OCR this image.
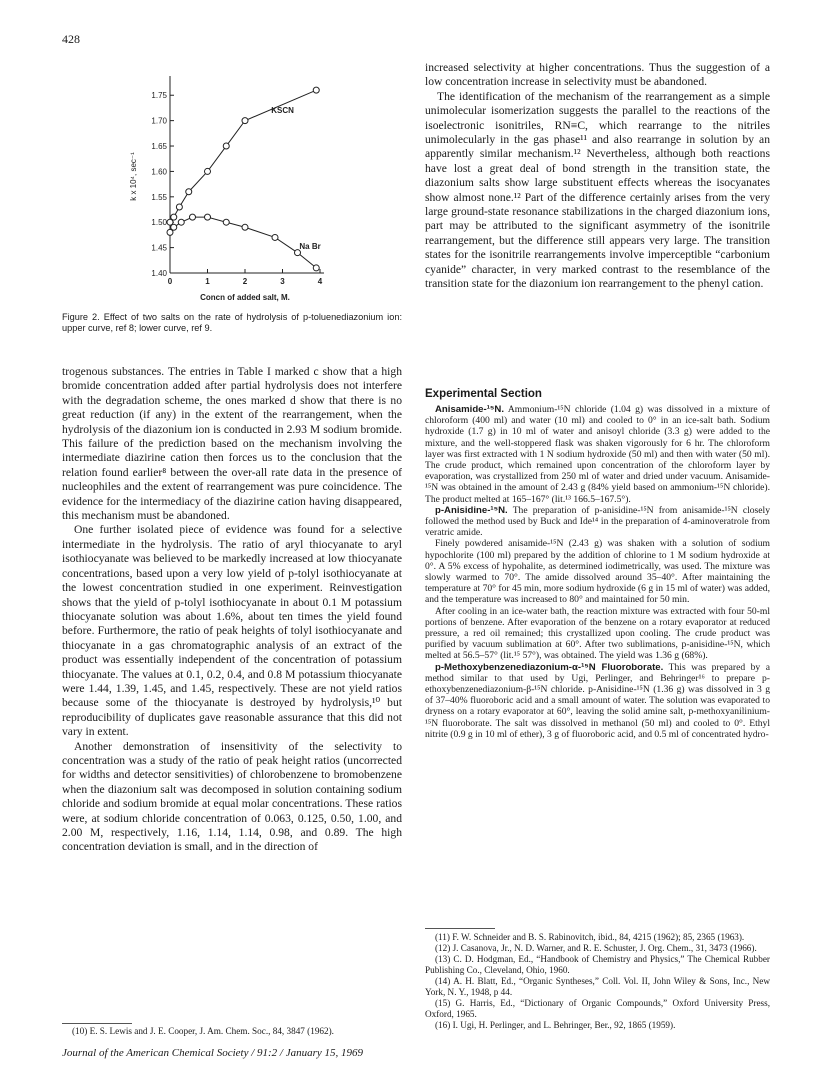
428
1.40
1.45
1.50
1.55
1.60
1.65
1.70
1.75
0	1	2	3	4
Concn of added salt, M.
k x 10⁴, sec⁻¹
KSCN
Na Br
Figure 2. Effect of two salts on the rate of hydrolysis of p-toluenediazonium ion: upper curve, ref 8; lower curve, ref 9.

trogenous substances. The entries in Table I marked c show that a high bromide concentration added after partial hydrolysis does not interfere with the degradation scheme, the ones marked d show that there is no great reduction (if any) in the extent of the rearrangement, when the hydrolysis of the diazonium ion is conducted in 2.93 M sodium bromide. This failure of the prediction based on the mechanism involving the intermediate diazirine cation then forces us to the conclusion that the relation found earlier⁸ between the over-all rate data in the presence of nucleophiles and the extent of rearrangement was pure coincidence. The evidence for the intermediacy of the diazirine cation having disappeared, this mechanism must be abandoned.

One further isolated piece of evidence was found for a selective intermediate in the hydrolysis. The ratio of aryl thiocyanate to aryl isothiocyanate was believed to be markedly increased at low thiocyanate concentrations, based upon a very low yield of p-tolyl isothiocyanate at the lowest concentration studied in one experiment. Reinvestigation shows that the yield of p-tolyl isothiocyanate in about 0.1 M potassium thiocyanate solution was about 1.6%, about ten times the yield found before. Furthermore, the ratio of peak heights of tolyl isothiocyanate and thiocyanate in a gas chromatographic analysis of an extract of the product was essentially independent of the concentration of potassium thiocyanate. The values at 0.1, 0.2, 0.4, and 0.8 M potassium thiocyanate were 1.44, 1.39, 1.45, and 1.45, respectively. These are not yield ratios because some of the thiocyanate is destroyed by hydrolysis,¹⁰ but reproducibility of duplicates gave reasonable assurance that this did not vary in extent.

Another demonstration of insensitivity of the selectivity to concentration was a study of the ratio of peak height ratios (uncorrected for widths and detector sensitivities) of chlorobenzene to bromobenzene when the diazonium salt was decomposed in solution containing sodium chloride and sodium bromide at equal molar concentrations. These ratios were, at sodium chloride concentration of 0.063, 0.125, 0.50, 1.00, and 2.00 M, respectively, 1.16, 1.14, 1.14, 0.98, and 0.89. The high concentration deviation is small, and in the direction of

(10) E. S. Lewis and J. E. Cooper, J. Am. Chem. Soc., 84, 3847 (1962).

increased selectivity at higher concentrations. Thus the suggestion of a low concentration increase in selectivity must be abandoned.

The identification of the mechanism of the rearrangement as a simple unimolecular isomerization suggests the parallel to the reactions of the isoelectronic isonitriles, RN≡C, which rearrange to the nitriles unimolecularly in the gas phase¹¹ and also rearrange in solution by an apparently similar mechanism.¹² Nevertheless, although both reactions have lost a great deal of bond strength in the transition state, the diazonium salts show large substituent effects whereas the isocyanates show almost none.¹² Part of the difference certainly arises from the very large ground-state resonance stabilizations in the charged diazonium ions, part may be attributed to the significant asymmetry of the isonitrile rearrangement, but the difference still appears very large. The transition states for the isonitrile rearrangements involve imperceptible “carbonium cyanide” character, in very marked contrast to the resemblance of the transition state for the diazonium ion rearrangement to the phenyl cation.

Experimental Section

Anisamide-¹⁵N. Ammonium-¹⁵N chloride (1.04 g) was dissolved in a mixture of chloroform (400 ml) and water (10 ml) and cooled to 0° in an ice-salt bath. Sodium hydroxide (1.7 g) in 10 ml of water and anisoyl chloride (3.3 g) were added to the mixture, and the well-stoppered flask was shaken vigorously for 6 hr. The chloroform layer was first extracted with 1 N sodium hydroxide (50 ml) and then with water (50 ml). The crude product, which remained upon concentration of the chloroform layer by evaporation, was crystallized from 250 ml of water and dried under vacuum. Anisamide-¹⁵N was obtained in the amount of 2.43 g (84% yield based on ammonium-¹⁵N chloride). The product melted at 165–167° (lit.¹³ 166.5–167.5°).

p-Anisidine-¹⁵N. The preparation of p-anisidine-¹⁵N from anisamide-¹⁵N closely followed the method used by Buck and Ide¹⁴ in the preparation of 4-aminoveratrole from veratric amide.

Finely powdered anisamide-¹⁵N (2.43 g) was shaken with a solution of sodium hypochlorite (100 ml) prepared by the addition of chlorine to 1 M sodium hydroxide at 0°. A 5% excess of hypohalite, as determined iodimetrically, was used. The mixture was slowly warmed to 70°. The amide dissolved around 35–40°. After maintaining the temperature at 70° for 45 min, more sodium hydroxide (6 g in 15 ml of water) was added, and the temperature was increased to 80° and maintained for 50 min.

After cooling in an ice-water bath, the reaction mixture was extracted with four 50-ml portions of benzene. After evaporation of the benzene on a rotary evaporator at reduced pressure, a red oil remained; this crystallized upon cooling. The crude product was purified by vacuum sublimation at 60°. After two sublimations, p-anisidine-¹⁵N, which melted at 56.5–57° (lit.¹⁵ 57°), was obtained. The yield was 1.36 g (68%).

p-Methoxybenzenediazonium-α-¹⁵N Fluoroborate. This was prepared by a method similar to that used by Ugi, Perlinger, and Behringer¹⁶ to prepare p-ethoxybenzenediazonium-β-¹⁵N chloride. p-Anisidine-¹⁵N (1.36 g) was dissolved in 3 g of 37–40% fluoroboric acid and a small amount of water. The solution was evaporated to dryness on a rotary evaporator at 60°, leaving the solid amine salt, p-methoxyanilinium-¹⁵N fluoroborate. The salt was dissolved in methanol (50 ml) and cooled to 0°. Ethyl nitrite (0.9 g in 10 ml of ether), 3 g of fluoroboric acid, and 0.5 ml of concentrated hydro-

(11) F. W. Schneider and B. S. Rabinovitch, ibid., 84, 4215 (1962); 85, 2365 (1963).

(12) J. Casanova, Jr., N. D. Warner, and R. E. Schuster, J. Org. Chem., 31, 3473 (1966).

(13) C. D. Hodgman, Ed., “Handbook of Chemistry and Physics,” The Chemical Rubber Publishing Co., Cleveland, Ohio, 1960.

(14) A. H. Blatt, Ed., “Organic Syntheses,” Coll. Vol. II, John Wiley & Sons, Inc., New York, N. Y., 1948, p 44.

(15) G. Harris, Ed., “Dictionary of Organic Compounds,” Oxford University Press, Oxford, 1965.

(16) I. Ugi, H. Perlinger, and L. Behringer, Ber., 92, 1865 (1959).

Journal of the American Chemical Society / 91:2 / January 15, 1969
